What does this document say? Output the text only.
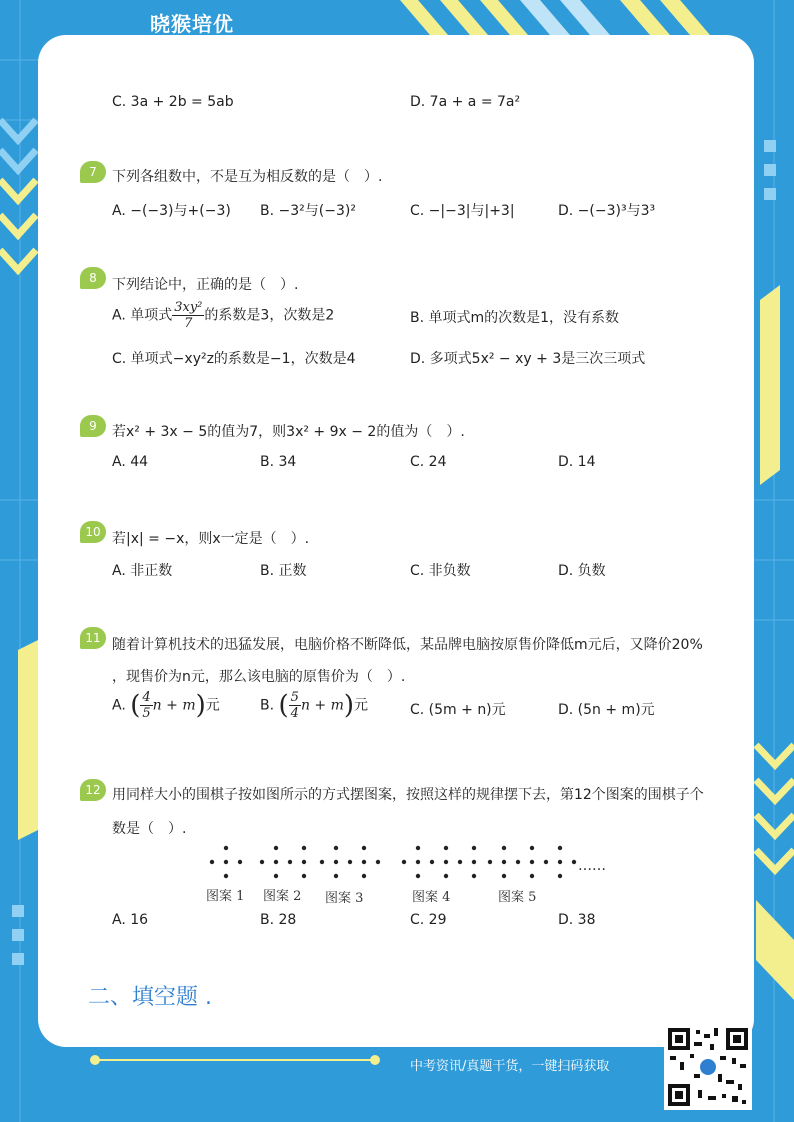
晓猴培优
C. 3a + 2b = 5ab	D. 7a + a = 7a²
7	下列各组数中，不是互为相反数的是（　）.
A. −(−3)与+(−3) B. −3²与(−3)²	C. −|−3|与|+3|	D. −(−3)³与3³
8	下列结论中，正确的是（　）.
A. 单项式 $\frac{\text{3xy²}}{7}$ 的系数是3，次数是2	B. 单项式m的次数是1，没有系数
C. 单项式−xy²z的系数是−1，次数是4	D. 多项式5x² − xy + 3是三次三项式
9	若x² + 3x − 5的值为7，则3x² + 9x − 2的值为（　）.
A. 44	B. 34	C. 24	D. 14
10 若|x| = −x，则x一定是（　）.
A. 非正数	B. 正数	C. 非负数	D. 负数
11 随着计算机技术的迅猛发展，电脑价格不断降低，某品牌电脑按原售价降低m元后，又降价20%
，现售价为n元，那么该电脑的原售价为（　）.
A. ( $\frac{4}{5}$ n + m)元	B. ( $\frac{5}{4}$ n + m)元	C. (5m + n)元	D. (5n + m)元
12 用同样大小的围棋子按如图所示的方式摆图案，按照这样的规律摆下去，第12个图案的围棋子个
数是（　）.
……
图案 1 图案 2 图案 3	图案 4	图案 5
A. 16	B. 28	C. 29	D. 38
二、填空题 .
中考资讯/真题干货，一键扫码获取
